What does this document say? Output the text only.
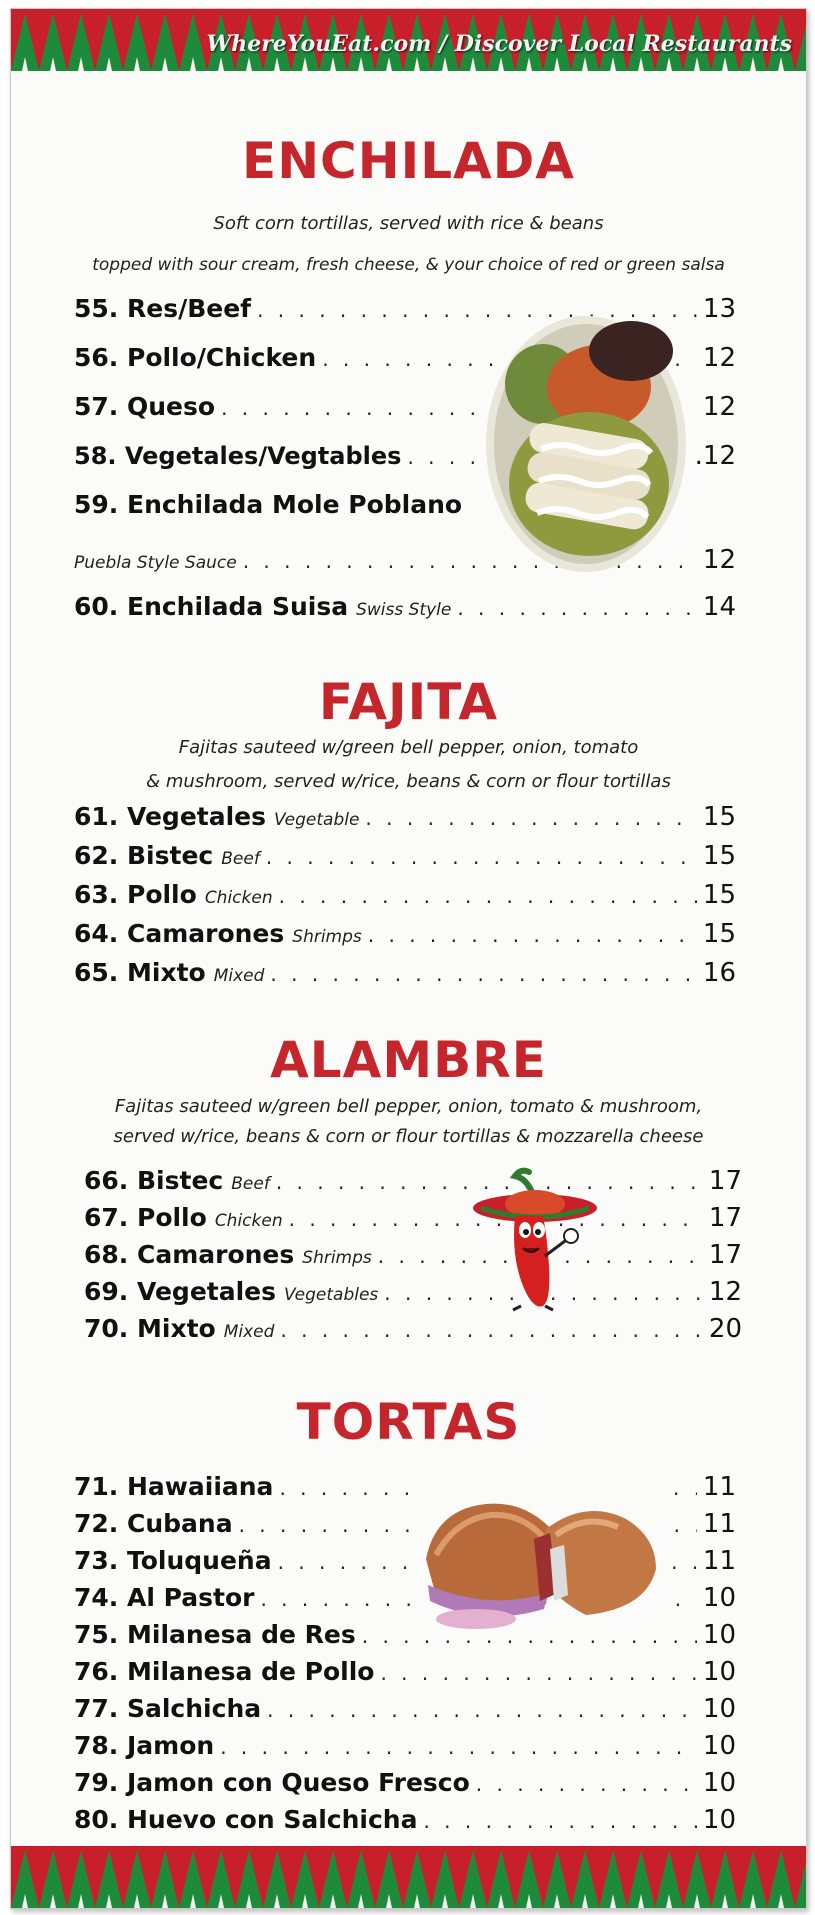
WhereYouEat.com / Discover Local Restaurants
ENCHILADA
Soft corn tortillas, served with rice & beans
topped with sour cream, fresh cheese, & your choice of red or green salsa
55. Res/Beef . . .	13
56. Pollo/Chicken . . .	12
57. Queso . . .	12
58. Vegetales/Vegtables . . .	.12
59. Enchilada Mole Poblano
Puebla Style Sauce . . .	12
60. Enchilada Suisa Swiss Style . . .	14
FAJITA
Fajitas sauteed w/green bell pepper, onion, tomato
& mushroom, served w/rice, beans & corn or flour tortillas
61. Vegetales Vegetable . . .	15
62. Bistec Beef . . .	15
63. Pollo Chicken . . .	15
64. Camarones Shrimps . . .	15
65. Mixto Mixed . . .	16
ALAMBRE
Fajitas sauteed w/green bell pepper, onion, tomato & mushroom,
served w/rice, beans & corn or flour tortillas & mozzarella cheese
66. Bistec Beef . . .	17
67. Pollo Chicken . . .	17
68. Camarones Shrimps . . .	17
69. Vegetales Vegetables . . .	12
70. Mixto Mixed . . .	20
TORTAS
71. Hawaiiana . . .	11
72. Cubana . . .	11
73. Toluqueña . . .	11
74. Al Pastor . . .	10
75. Milanesa de Res . . .	10
76. Milanesa de Pollo . . .	10
77. Salchicha . . .	10
78. Jamon . . .	10
79. Jamon con Queso Fresco . . .	10
80. Huevo con Salchicha . . .	10
